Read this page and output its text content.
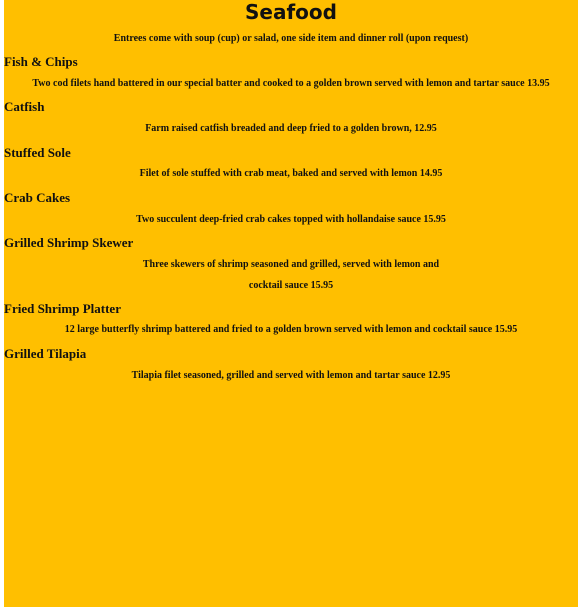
Seafood
Entrees come with soup (cup) or salad, one side item and dinner roll (upon request)
Fish & Chips
Two cod filets hand battered in our special batter and cooked to a golden brown served with lemon and tartar sauce 13.95
Catfish
Farm raised catfish breaded and deep fried to a golden brown, 12.95
Stuffed Sole
Filet of sole stuffed with crab meat, baked and served with lemon 14.95
Crab Cakes
Two succulent deep-fried crab cakes topped with hollandaise sauce 15.95
Grilled Shrimp Skewer
Three skewers of shrimp seasoned and grilled, served with lemon and
cocktail sauce 15.95
Fried Shrimp Platter
12 large butterfly shrimp battered and fried to a golden brown served with lemon and cocktail sauce 15.95
Grilled Tilapia
Tilapia filet seasoned, grilled and served with lemon and tartar sauce 12.95
